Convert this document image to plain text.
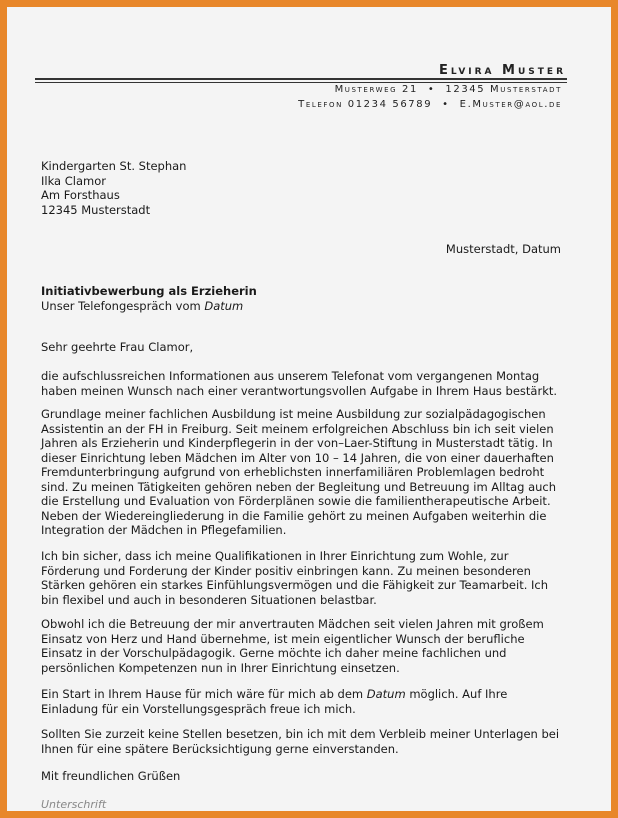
Elvira Muster
Musterweg 21 • 12345 Musterstadt
Telefon 01234 56789 • E.Muster@aol.de
Kindergarten St. Stephan
Ilka Clamor
Am Forsthaus
12345 Musterstadt
Musterstadt, Datum
Initiativbewerbung als Erzieherin
Unser Telefongespräch vom Datum
Sehr geehrte Frau Clamor,
die aufschlussreichen Informationen aus unserem Telefonat vom vergangenen Montag
haben meinen Wunsch nach einer verantwortungsvollen Aufgabe in Ihrem Haus bestärkt.
Grundlage meiner fachlichen Ausbildung ist meine Ausbildung zur sozialpädagogischen
Assistentin an der FH in Freiburg. Seit meinem erfolgreichen Abschluss bin ich seit vielen
Jahren als Erzieherin und Kinderpflegerin in der von–Laer-Stiftung in Musterstadt tätig. In
dieser Einrichtung leben Mädchen im Alter von 10 – 14 Jahren, die von einer dauerhaften
Fremdunterbringung aufgrund von erheblichsten innerfamiliären Problemlagen bedroht
sind. Zu meinen Tätigkeiten gehören neben der Begleitung und Betreuung im Alltag auch
die Erstellung und Evaluation von Förderplänen sowie die familientherapeutische Arbeit.
Neben der Wiedereingliederung in die Familie gehört zu meinen Aufgaben weiterhin die
Integration der Mädchen in Pflegefamilien.
Ich bin sicher, dass ich meine Qualifikationen in Ihrer Einrichtung zum Wohle, zur
Förderung und Forderung der Kinder positiv einbringen kann. Zu meinen besonderen
Stärken gehören ein starkes Einfühlungsvermögen und die Fähigkeit zur Teamarbeit. Ich
bin flexibel und auch in besonderen Situationen belastbar.
Obwohl ich die Betreuung der mir anvertrauten Mädchen seit vielen Jahren mit großem
Einsatz von Herz und Hand übernehme, ist mein eigentlicher Wunsch der berufliche
Einsatz in der Vorschulpädagogik. Gerne möchte ich daher meine fachlichen und
persönlichen Kompetenzen nun in Ihrer Einrichtung einsetzen.
Ein Start in Ihrem Hause für mich wäre für mich ab dem Datum möglich. Auf Ihre
Einladung für ein Vorstellungsgespräch freue ich mich.
Sollten Sie zurzeit keine Stellen besetzen, bin ich mit dem Verbleib meiner Unterlagen bei
Ihnen für eine spätere Berücksichtigung gerne einverstanden.
Mit freundlichen Grüßen
Unterschrift
